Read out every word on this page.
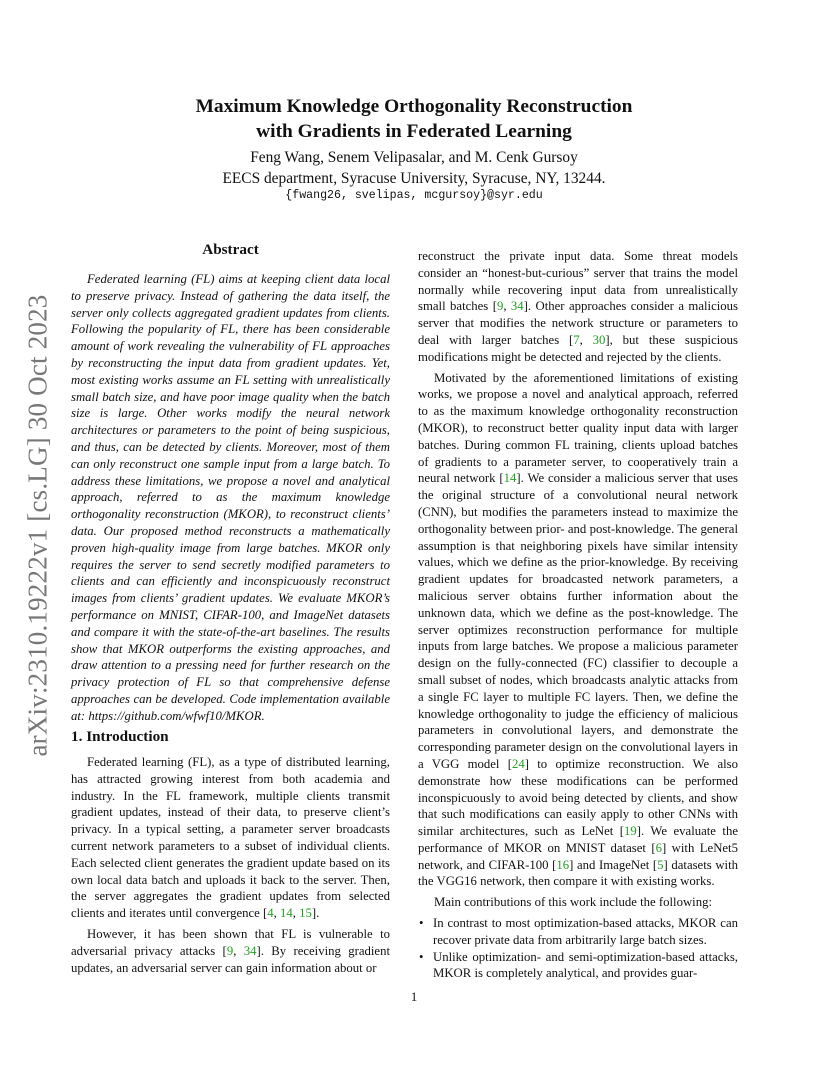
arXiv:2310.19222v1 [cs.LG] 30 Oct 2023
Maximum Knowledge Orthogonality Reconstruction
with Gradients in Federated Learning
Feng Wang, Senem Velipasalar, and M. Cenk Gursoy
EECS department, Syracuse University, Syracuse, NY, 13244.
{fwang26, svelipas, mcgursoy}@syr.edu
Abstract

Federated learning (FL) aims at keeping client data local to preserve privacy. Instead of gathering the data itself, the server only collects aggregated gradient updates from clients. Following the popularity of FL, there has been considerable amount of work revealing the vulnerability of FL approaches by reconstructing the input data from gradient updates. Yet, most existing works assume an FL setting with unrealistically small batch size, and have poor image quality when the batch size is large. Other works modify the neural network architectures or parameters to the point of being suspicious, and thus, can be detected by clients. Moreover, most of them can only reconstruct one sample input from a large batch. To address these limitations, we propose a novel and analytical approach, referred to as the maximum knowledge orthogonality reconstruction (MKOR), to reconstruct clients’ data. Our proposed method reconstructs a mathematically proven high-quality image from large batches. MKOR only requires the server to send secretly modified parameters to clients and can efficiently and inconspicuously reconstruct images from clients’ gradient updates. We evaluate MKOR’s performance on MNIST, CIFAR-100, and ImageNet datasets and compare it with the state-of-the-art baselines. The results show that MKOR outperforms the existing approaches, and draw attention to a pressing need for further research on the privacy protection of FL so that comprehensive defense approaches can be developed. Code implementation available at: https://github.com/wfwf10/MKOR.

1. Introduction

Federated learning (FL), as a type of distributed learning, has attracted growing interest from both academia and industry. In the FL framework, multiple clients transmit gradient updates, instead of their data, to preserve client’s privacy. In a typical setting, a parameter server broadcasts current network parameters to a subset of individual clients. Each selected client generates the gradient update based on its own local data batch and uploads it back to the server. Then, the server aggregates the gradient updates from selected clients and iterates until convergence [4, 14, 15].

However, it has been shown that FL is vulnerable to adversarial privacy attacks [9, 34]. By receiving gradient updates, an adversarial server can gain information about or

reconstruct the private input data. Some threat models consider an “honest-but-curious” server that trains the model normally while recovering input data from unrealistically small batches [9, 34]. Other approaches consider a malicious server that modifies the network structure or parameters to deal with larger batches [7, 30], but these suspicious modifications might be detected and rejected by the clients.

Motivated by the aforementioned limitations of existing works, we propose a novel and analytical approach, referred to as the maximum knowledge orthogonality reconstruction (MKOR), to reconstruct better quality input data with larger batches. During common FL training, clients upload batches of gradients to a parameter server, to cooperatively train a neural network [14]. We consider a malicious server that uses the original structure of a convolutional neural network (CNN), but modifies the parameters instead to maximize the orthogonality between prior- and post-knowledge. The general assumption is that neighboring pixels have similar intensity values, which we define as the prior-knowledge. By receiving gradient updates for broadcasted network parameters, a malicious server obtains further information about the unknown data, which we define as the post-knowledge. The server optimizes reconstruction performance for multiple inputs from large batches. We propose a malicious parameter design on the fully-connected (FC) classifier to decouple a small subset of nodes, which broadcasts analytic attacks from a single FC layer to multiple FC layers. Then, we define the knowledge orthogonality to judge the efficiency of malicious parameters in convolutional layers, and demonstrate the corresponding parameter design on the convolutional layers in a VGG model [24] to optimize reconstruction. We also demonstrate how these modifications can be performed inconspicuously to avoid being detected by clients, and show that such modifications can easily apply to other CNNs with similar architectures, such as LeNet [19]. We evaluate the performance of MKOR on MNIST dataset [6] with LeNet5 network, and CIFAR-100 [16] and ImageNet [5] datasets with the VGG16 network, then compare it with existing works.

Main contributions of this work include the following:

• In contrast to most optimization-based attacks, MKOR can recover private data from arbitrarily large batch sizes.
• Unlike optimization- and semi-optimization-based attacks, MKOR is completely analytical, and provides guar-
1
